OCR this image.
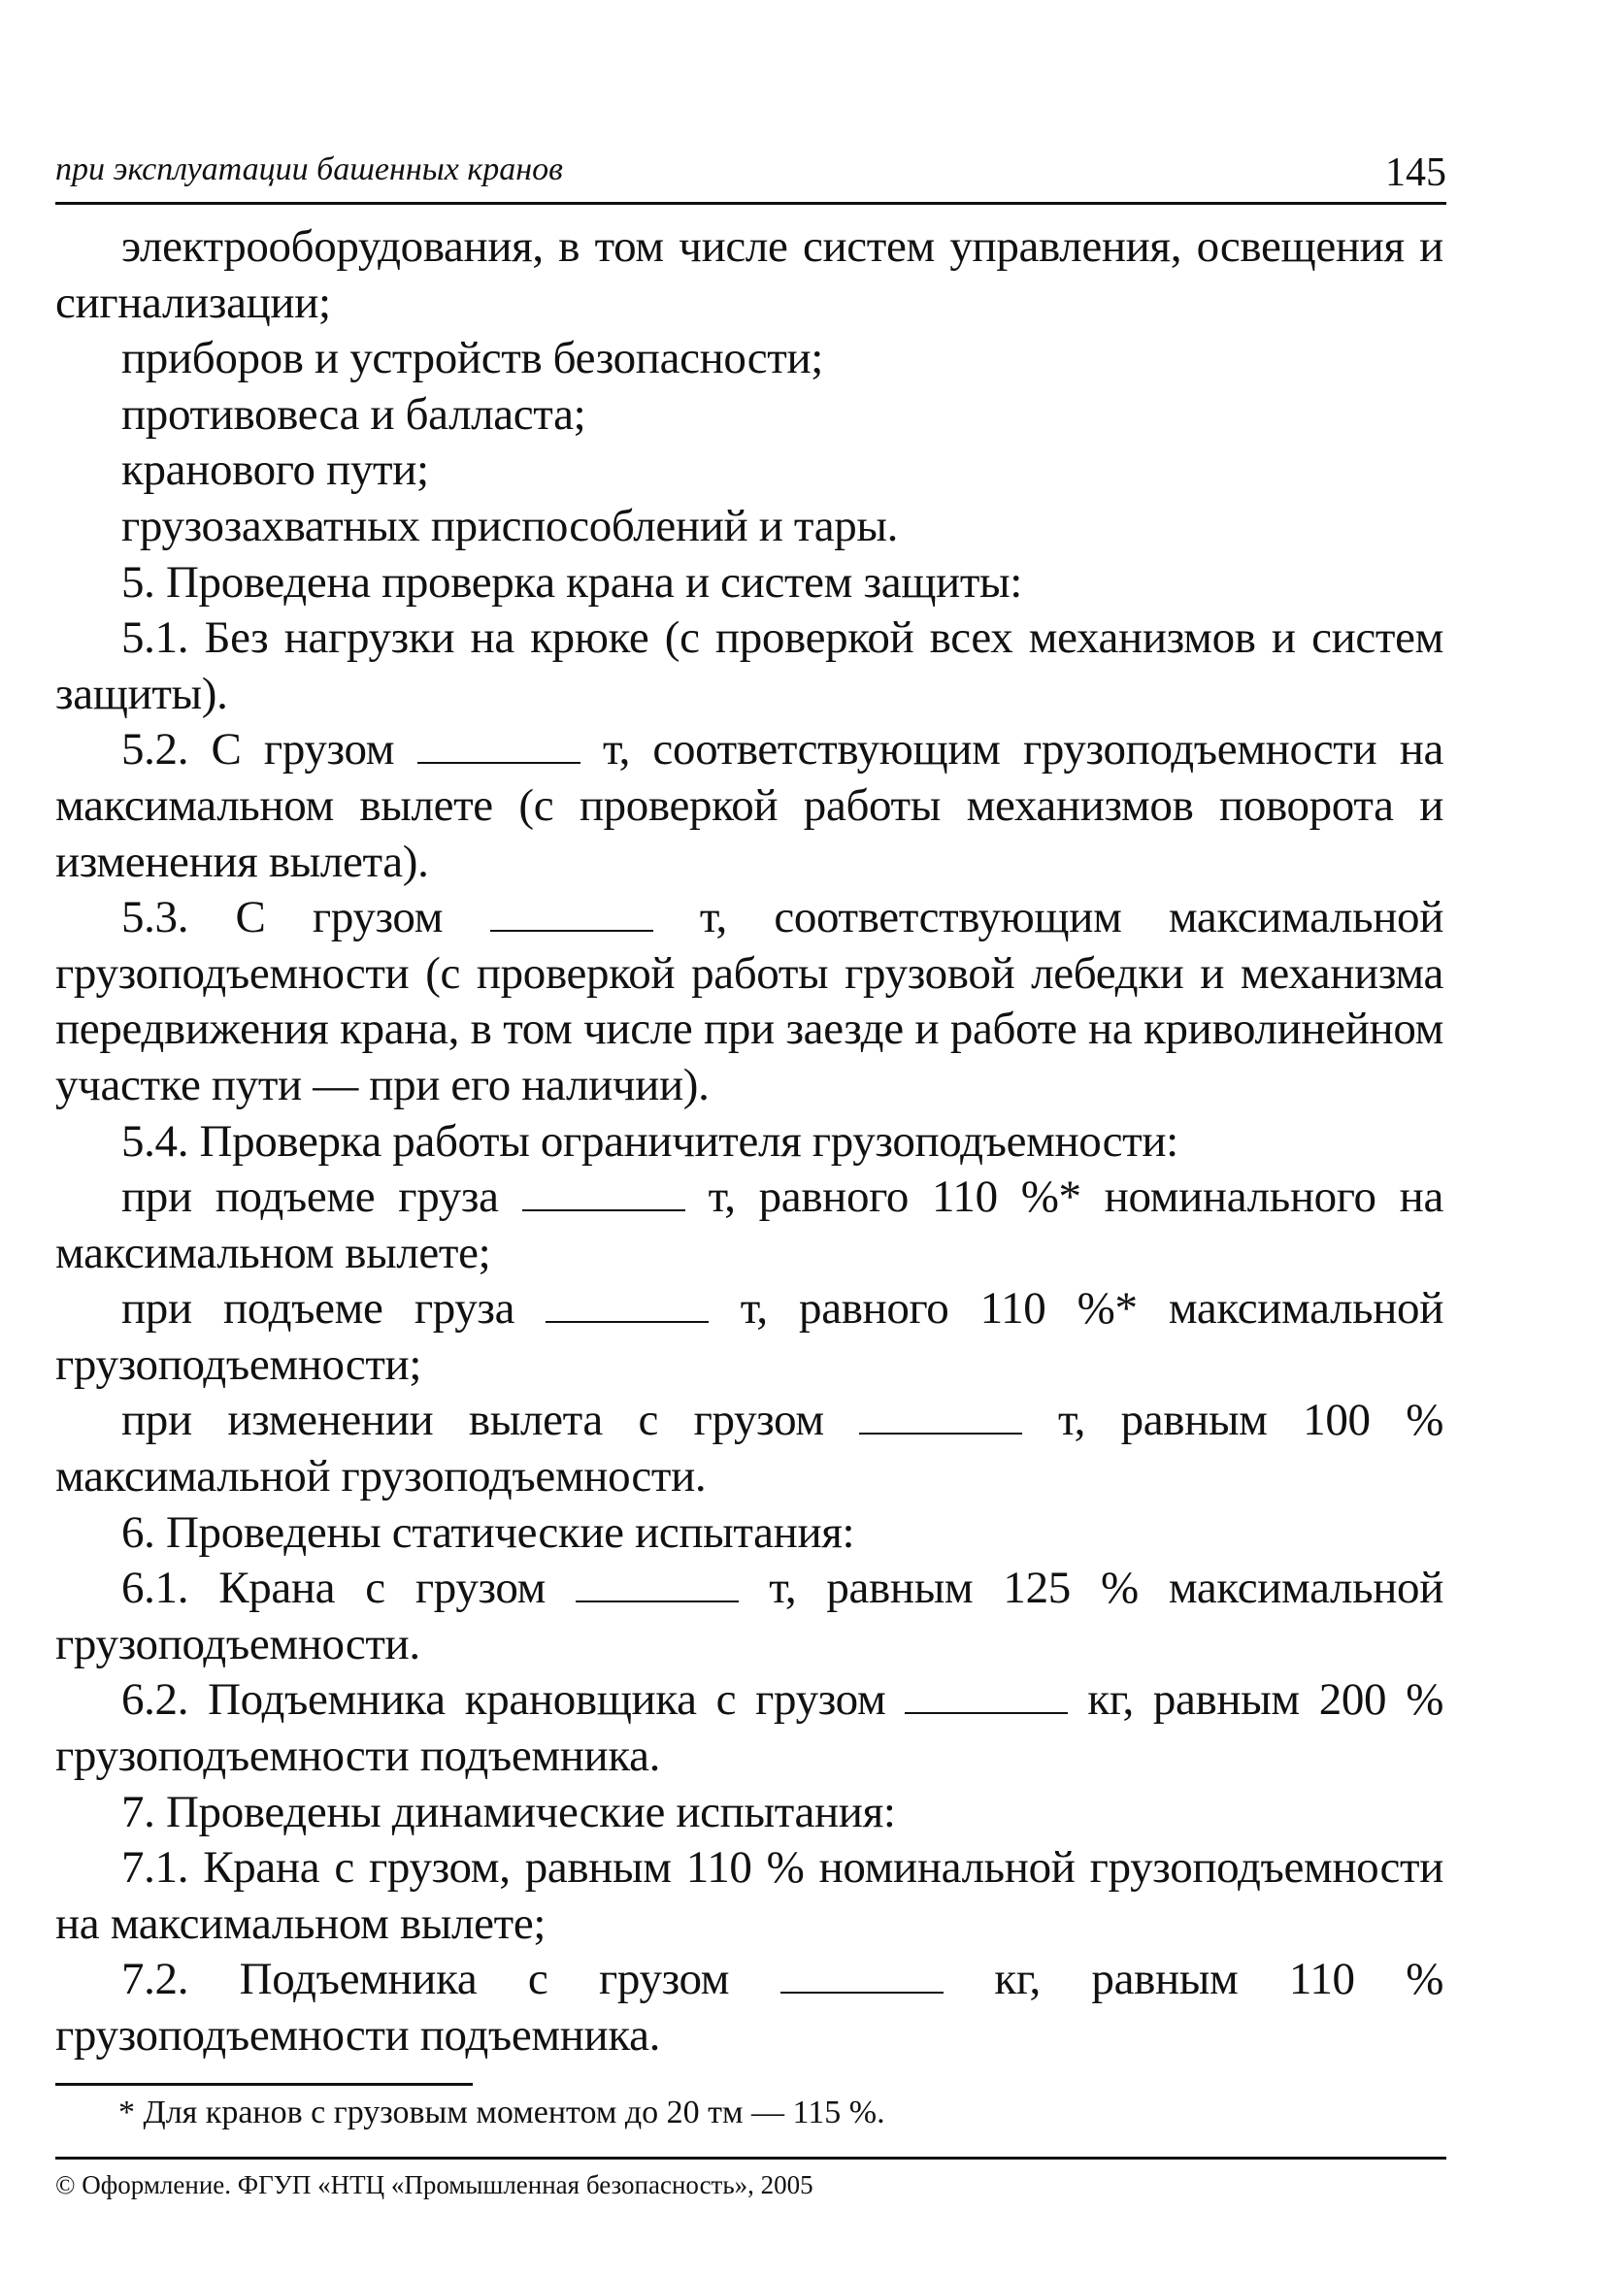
при эксплуатации башенных кранов	145

электрооборудования, в том числе систем управления, освещения и сигнализации;

приборов и устройств безопасности;

противовеса и балласта;

кранового пути;

грузозахватных приспособлений и тары.

5. Проведена проверка крана и систем защиты:

5.1. Без нагрузки на крюке (с проверкой всех механизмов и систем защиты).

5.2. С грузом	т, соответствующим грузоподъемности на максимальном вылете (с проверкой работы механизмов поворота и изменения вылета).

5.3. С грузом	т, соответствующим максимальной грузоподъемности (с проверкой работы грузовой лебедки и механизма передвижения крана, в том числе при заезде и работе на криволинейном участке пути — при его наличии).

5.4. Проверка работы ограничителя грузоподъемности:

при подъеме груза	т, равного 110 %* номинального на максимальном вылете;

при подъеме груза	т, равного 110 %* максимальной грузоподъемности;

при изменении вылета с грузом	т, равным 100 % максимальной грузоподъемности.

6. Проведены статические испытания:

6.1. Крана с грузом	т, равным 125 % максимальной грузоподъемности.

6.2. Подъемника крановщика с грузом	кг, равным 200 % грузоподъемности подъемника.

7. Проведены динамические испытания:

7.1. Крана с грузом, равным 110 % номинальной грузоподъемности на максимальном вылете;

7.2. Подъемника с грузом	кг, равным 110 % грузоподъемности подъемника.

* Для кранов с грузовым моментом до 20 тм — 115 %.
© Оформление. ФГУП «НТЦ «Промышленная безопасность», 2005
